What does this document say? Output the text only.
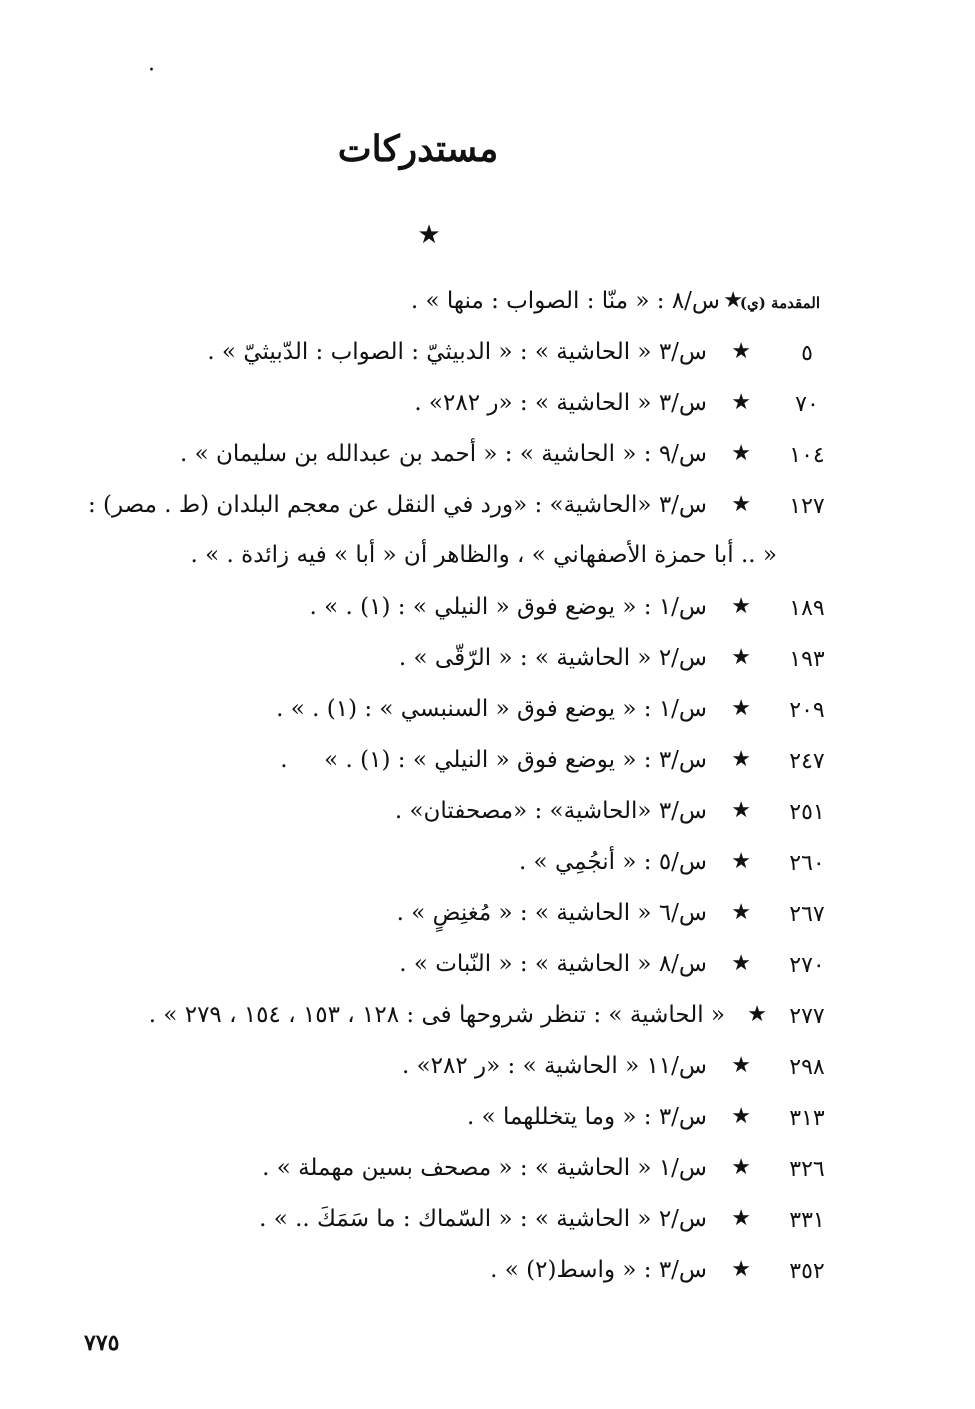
·
مستدركات
★
المقدمة (ي)
★
س/٨ : « منّا : الصواب : منها » .
٥
★
س/٣ « الحاشية » : « الدبيثيّ : الصواب : الدّبيثيّ » .
٧٠
★
س/٣ « الحاشية » : «ر ٢٨٢» .
١٠٤
★
س/٩ : « الحاشية » : « أحمد بن عبدالله بن سليمان » .
١٢٧
★
س/٣ «الحاشية» : «ورد في النقل عن معجم البلدان (ط . مصر) :
« .. أبا حمزة الأصفهاني » ، والظاهر أن « أبا » فيه زائدة . » .
١٨٩
★
س/١ : « يوضع فوق « النيلي » : (١) . » .
١٩٣
★
س/٢ « الحاشية » : « الرّقّى » .
٢٠٩
★
س/١ : « يوضع فوق « السنبسي » : (١) . » .
٢٤٧
★
س/٣ : « يوضع فوق « النيلي » : (١) . »     .
٢٥١
★
س/٣ «الحاشية» : «مصحفتان» .
٢٦٠
★
س/٥ : « أنجُمِي » .
٢٦٧
★
س/٦ « الحاشية » : « مُغنِضٍ » .
٢٧٠
★
س/٨ « الحاشية » : « النّبات » .
٢٧٧
★
« الحاشية » : تنظر شروحها فى : ١٢٨ ، ١٥٣ ، ١٥٤ ، ٢٧٩ » .
٢٩٨
★
س/١١ « الحاشية » : «ر ٢٨٢» .
٣١٣
★
س/٣ : « وما يتخللهما » .
٣٢٦
★
س/١ « الحاشية » : « مصحف بسين مهملة » .
٣٣١
★
س/٢ « الحاشية » : « السّماك : ما سَمَكَ .. » .
٣٥٢
★
س/٣ : « واسط(٢) » .
٧٧٥
